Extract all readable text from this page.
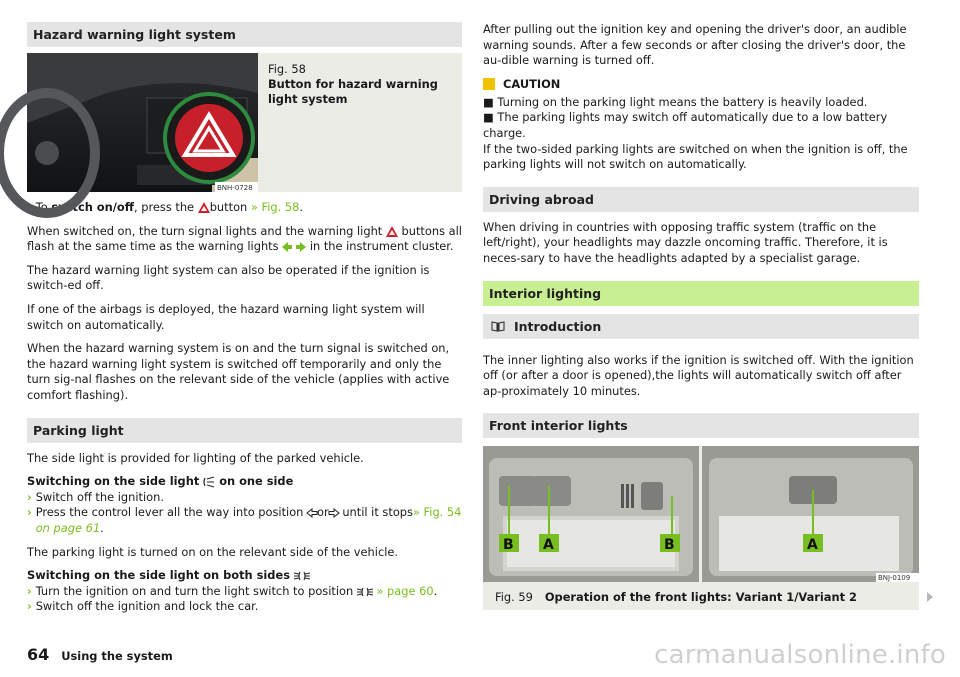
Hazard warning light system
BNH-0728
Fig. 58
Button for hazard warning light system
› To switch on/off, press the button » Fig. 58.

When switched on, the turn signal lights and the warning light buttons all flash at the same time as the warning lights	in the instrument cluster.

The hazard warning light system can also be operated if the ignition is switch-ed off.

If one of the airbags is deployed, the hazard warning light system will switch on automatically.

When the hazard warning system is on and the turn signal is switched on, the hazard warning light system is switched off temporarily and only the turn sig-nal flashes on the relevant side of the vehicle (applies with active comfort flashing).

Parking light

The side light is provided for lighting of the parked vehicle.

Switching on the side light on one side

› Switch off the ignition.
› Press the control lever all the way into position or until it stops» Fig. 54
on page 61.

The parking light is turned on on the relevant side of the vehicle.

Switching on the side light on both sides

› Turn the ignition on and turn the light switch to position » page 60.
› Switch off the ignition and lock the car.

After pulling out the ignition key and opening the driver's door, an audible warning sounds. After a few seconds or after closing the driver's door, the au-dible warning is turned off.

CAUTION

■ Turning on the parking light means the battery is heavily loaded.

■ The parking lights may switch off automatically due to a low battery charge.

If the two-sided parking lights are switched on when the ignition is off, the parking lights will not switch on automatically.

Driving abroad

When driving in countries with opposing traffic system (traffic on the left/right), your headlights may dazzle oncoming traffic. Therefore, it is neces-sary to have the headlights adapted by a specialist garage.

Interior lighting
Introduction

The inner lighting also works if the ignition is switched off. With the ignition off (or after a door is opened),the lights will automatically switch off after ap-proximately 10 minutes.

Front interior lights
B A	B	A
BNJ-0109
Fig. 59 Operation of the front lights: Variant 1/Variant 2
64 Using the system	carmanualsonline.info
